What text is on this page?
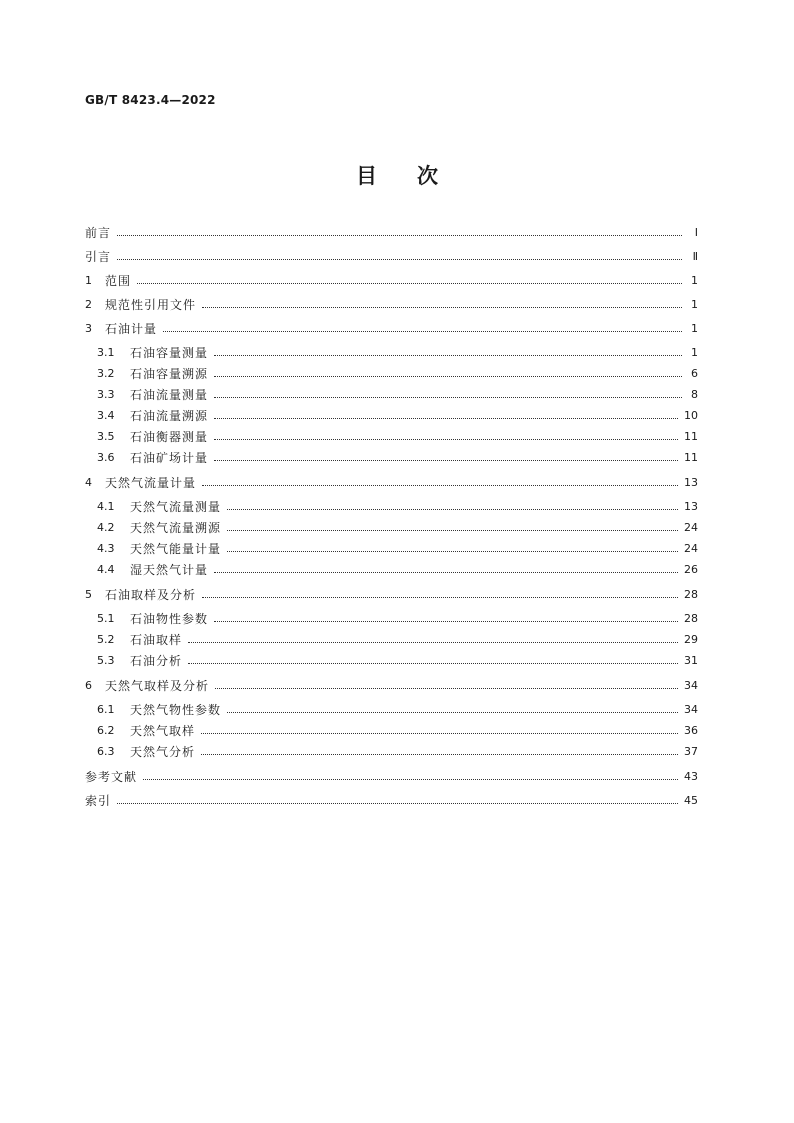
GB/T 8423.4—2022
目 次
前言	Ⅰ
引言	Ⅱ
1	范围	1
2	规范性引用文件	1
3	石油计量	1
3.1	石油容量测量	1
3.2	石油容量溯源	6
3.3	石油流量测量	8
3.4	石油流量溯源	10
3.5	石油衡器测量	11
3.6	石油矿场计量	11
4	天然气流量计量	13
4.1	天然气流量测量	13
4.2	天然气流量溯源	24
4.3	天然气能量计量	24
4.4	湿天然气计量	26
5	石油取样及分析	28
5.1	石油物性参数	28
5.2	石油取样	29
5.3	石油分析	31
6	天然气取样及分析	34
6.1	天然气物性参数	34
6.2	天然气取样	36
6.3	天然气分析	37
参考文献	43
索引	45
